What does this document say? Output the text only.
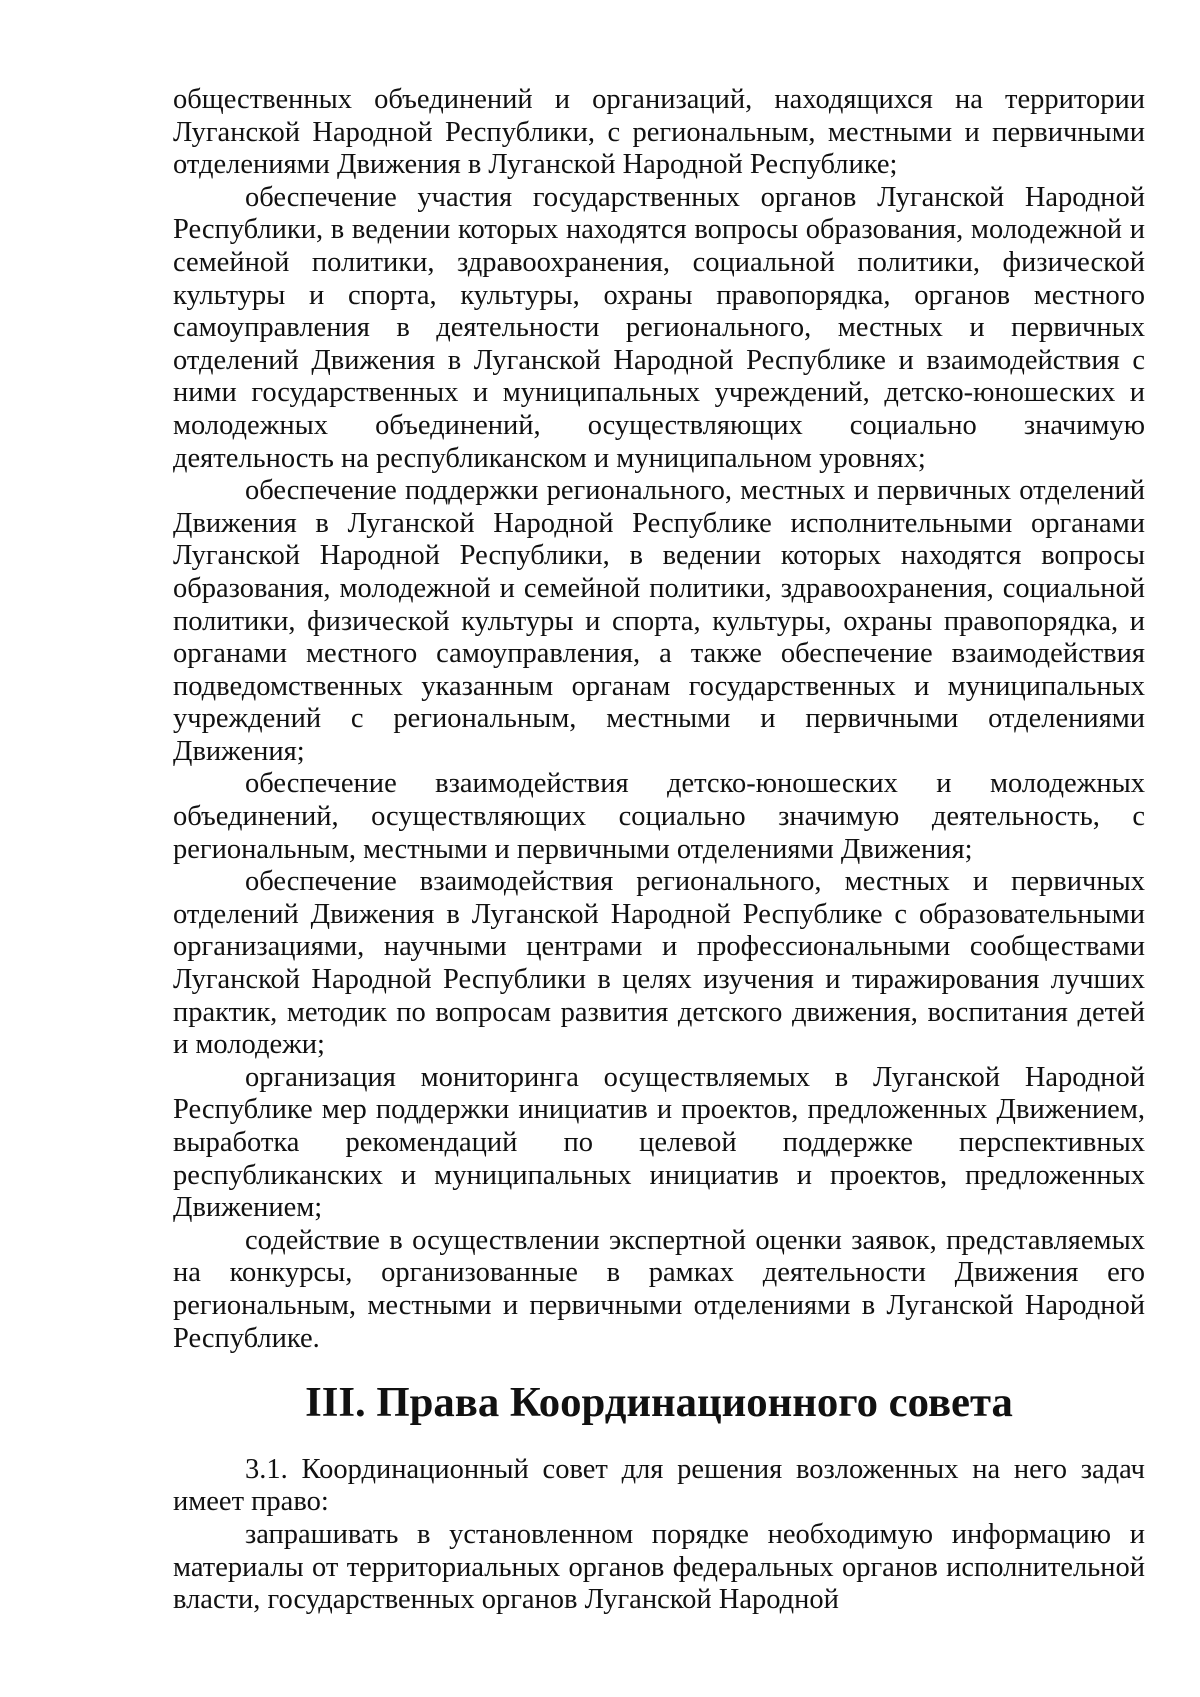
общественных объединений и организаций, находящихся на территории Луганской Народной Республики, с региональным, местными и первичными отделениями Движения в Луганской Народной Республике;

обеспечение участия государственных органов Луганской Народной Республики, в ведении которых находятся вопросы образования, молодежной и семейной политики, здравоохранения, социальной политики, физической культуры и спорта, культуры, охраны правопорядка, органов местного самоуправления в деятельности регионального, местных и первичных отделений Движения в Луганской Народной Республике и взаимодействия с ними государственных и муниципальных учреждений, детско-юношеских и молодежных объединений, осуществляющих социально значимую деятельность на республиканском и муниципальном уровнях;

обеспечение поддержки регионального, местных и первичных отделений Движения в Луганской Народной Республике исполнительными органами Луганской Народной Республики, в ведении которых находятся вопросы образования, молодежной и семейной политики, здравоохранения, социальной политики, физической культуры и спорта, культуры, охраны правопорядка, и органами местного самоуправления, а также обеспечение взаимодействия подведомственных указанным органам государственных и муниципальных учреждений с региональным, местными и первичными отделениями Движения;

обеспечение взаимодействия детско-юношеских и молодежных объединений, осуществляющих социально значимую деятельность, с региональным, местными и первичными отделениями Движения;

обеспечение взаимодействия регионального, местных и первичных отделений Движения в Луганской Народной Республике с образовательными организациями, научными центрами и профессиональными сообществами Луганской Народной Республики в целях изучения и тиражирования лучших практик, методик по вопросам развития детского движения, воспитания детей и молодежи;

организация мониторинга осуществляемых в Луганской Народной Республике мер поддержки инициатив и проектов, предложенных Движением, выработка рекомендаций по целевой поддержке перспективных республиканских и муниципальных инициатив и проектов, предложенных Движением;

содействие в осуществлении экспертной оценки заявок, представляемых на конкурсы, организованные в рамках деятельности Движения его региональным, местными и первичными отделениями в Луганской Народной Республике.

III. Права Координационного совета

3.1. Координационный совет для решения возложенных на него задач имеет право:

запрашивать в установленном порядке необходимую информацию и материалы от территориальных органов федеральных органов исполнительной власти, государственных органов Луганской Народной
